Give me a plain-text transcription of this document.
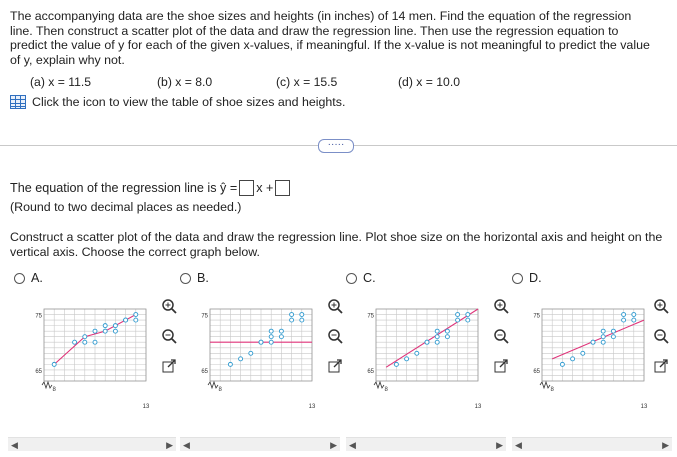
The accompanying data are the shoe sizes and heights (in inches) of 14 men. Find the equation of the regression
line. Then construct a scatter plot of the data and draw the regression line. Then use the regression equation to
predict the value of y for each of the given x-values, if meaningful. If the x-value is not meaningful to predict the value
of y, explain why not.
(a) x = 11.5	(b) x = 8.0	(c) x = 15.5	(d) x = 10.0
Click the icon to view the table of shoe sizes and heights.
·····
The equation of the regression line is
ŷ
= x +
(Round to two decimal places as needed.)
Construct a scatter plot of the data and draw the regression line. Plot shoe size on the horizontal axis and height on the vertical axis. Choose the correct graph below.
A.	B.	C.	D.
75
65
8
13
75
65
8
13
75
65
8
13
75
65
8
13

◀	▶ ◀	▶ ◀	▶ ◀	▶
